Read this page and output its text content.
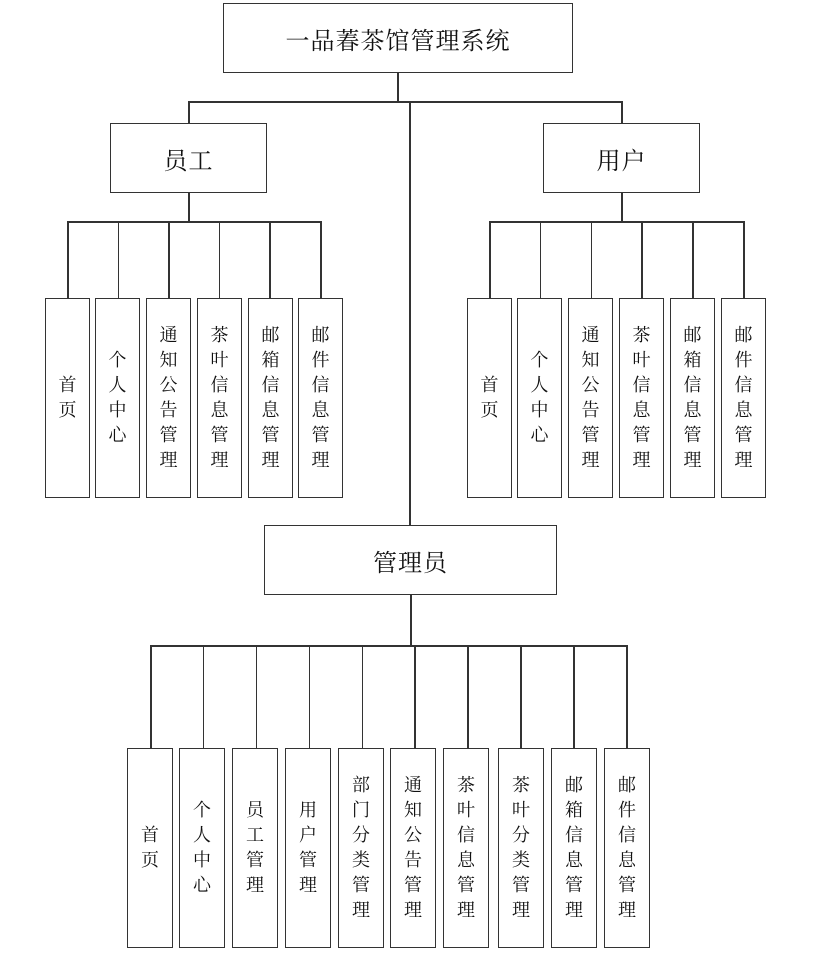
一品萶茶馆管理系统
员工
首页
个人中心
通知公告管理
茶叶信息管理
邮箱信息管理
邮件信息管理
用户
首页
个人中心
通知公告管理
茶叶信息管理
邮箱信息管理
邮件信息管理
管理员
首页
个人中心
员工管理
用户管理
部门分类管理
通知公告管理
茶叶信息管理
茶叶分类管理
邮箱信息管理
邮件信息管理
